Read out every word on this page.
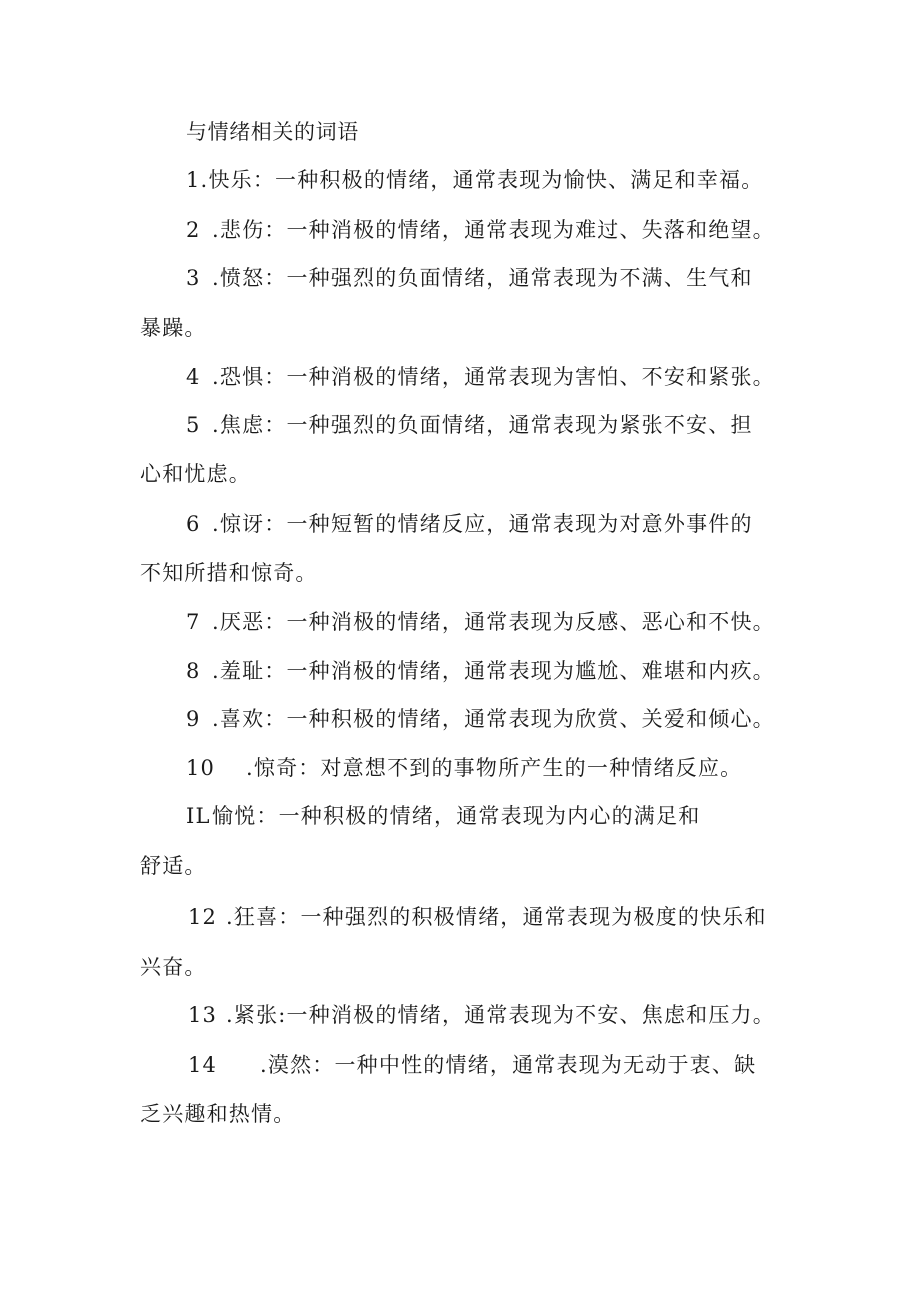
与情绪相关的词语
1.快乐：一种积极的情绪，通常表现为愉快、满足和幸福。
2 .悲伤：一种消极的情绪，通常表现为难过、失落和绝望。
3 .愤怒：一种强烈的负面情绪，通常表现为不满、生气和
暴躁。
4 .恐惧：一种消极的情绪，通常表现为害怕、不安和紧张。
5 .焦虑：一种强烈的负面情绪，通常表现为紧张不安、担
心和忧虑。
6 .惊讶：一种短暂的情绪反应，通常表现为对意外事件的
不知所措和惊奇。
7 .厌恶：一种消极的情绪，通常表现为反感、恶心和不快。
8 .羞耻：一种消极的情绪，通常表现为尴尬、难堪和内疚。
9 .喜欢：一种积极的情绪，通常表现为欣赏、关爱和倾心。
10 .惊奇：对意想不到的事物所产生的一种情绪反应。
IL愉悦：一种积极的情绪，通常表现为内心的满足和
舒适。
12 .狂喜：一种强烈的积极情绪，通常表现为极度的快乐和
兴奋。
13 .紧张:一种消极的情绪，通常表现为不安、焦虑和压力。
14 .漠然：一种中性的情绪，通常表现为无动于衷、缺
乏兴趣和热情。
